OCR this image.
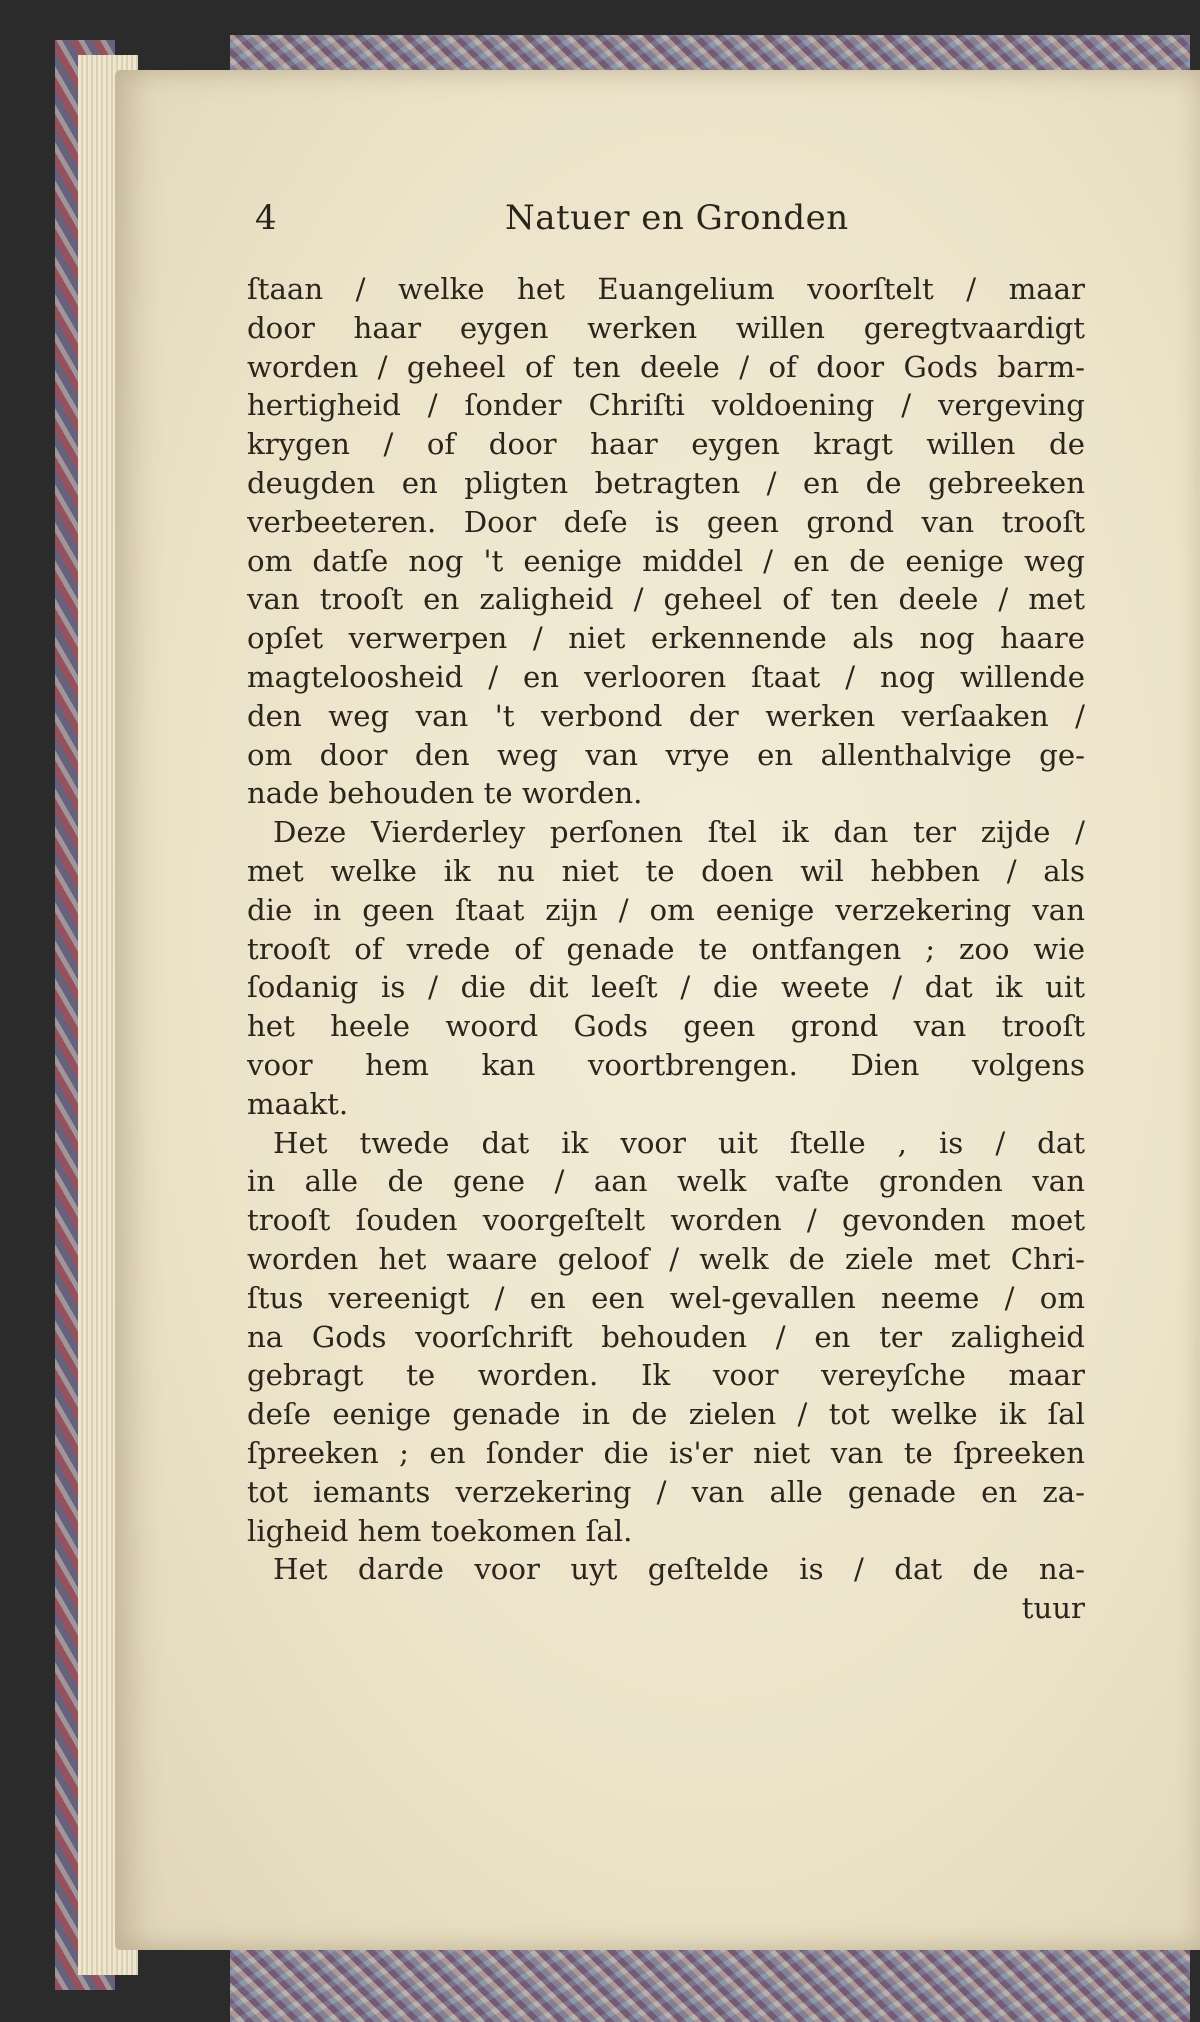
4	Natuer en Gronden
ſtaan / welke het Euangelium voorſtelt / maar
door haar eygen werken willen geregtvaardigt
worden / geheel of ten deele / of door Gods barm-
hertigheid / ſonder Chriſti voldoening / vergeving
krygen / of door haar eygen kragt willen de
deugden en pligten betragten / en de gebreeken
verbeeteren. Door deſe is geen grond van trooſt
om datſe nog 't eenige middel / en de eenige weg
van trooſt en zaligheid / geheel of ten deele / met
opſet verwerpen / niet erkennende als nog haare
magteloosheid / en verlooren ſtaat / nog willende
den weg van 't verbond der werken verſaaken /
om door den weg van vrye en allenthalvige ge-
nade behouden te worden.
Deze Vierderley perſonen ſtel ik dan ter zijde /
met welke ik nu niet te doen wil hebben / als
die in geen ſtaat zijn / om eenige verzekering van
trooſt of vrede of genade te ontfangen ; zoo wie
ſodanig is / die dit leeſt / die weete / dat ik uit
het heele woord Gods geen grond van trooſt
voor hem kan voortbrengen. Dien volgens
maakt.
Het twede dat ik voor uit ſtelle , is / dat
in alle de gene / aan welk vaſte gronden van
trooſt ſouden voorgeſtelt worden / gevonden moet
worden het waare geloof / welk de ziele met Chri-
ſtus vereenigt / en een wel-gevallen neeme / om
na Gods voorſchrift behouden / en ter zaligheid
gebragt te worden. Ik voor vereyſche maar
deſe eenige genade in de zielen / tot welke ik ſal
ſpreeken ; en ſonder die is'er niet van te ſpreeken
tot iemants verzekering / van alle genade en za-
ligheid hem toekomen ſal.
Het darde voor uyt geſtelde is / dat de na-
tuur
